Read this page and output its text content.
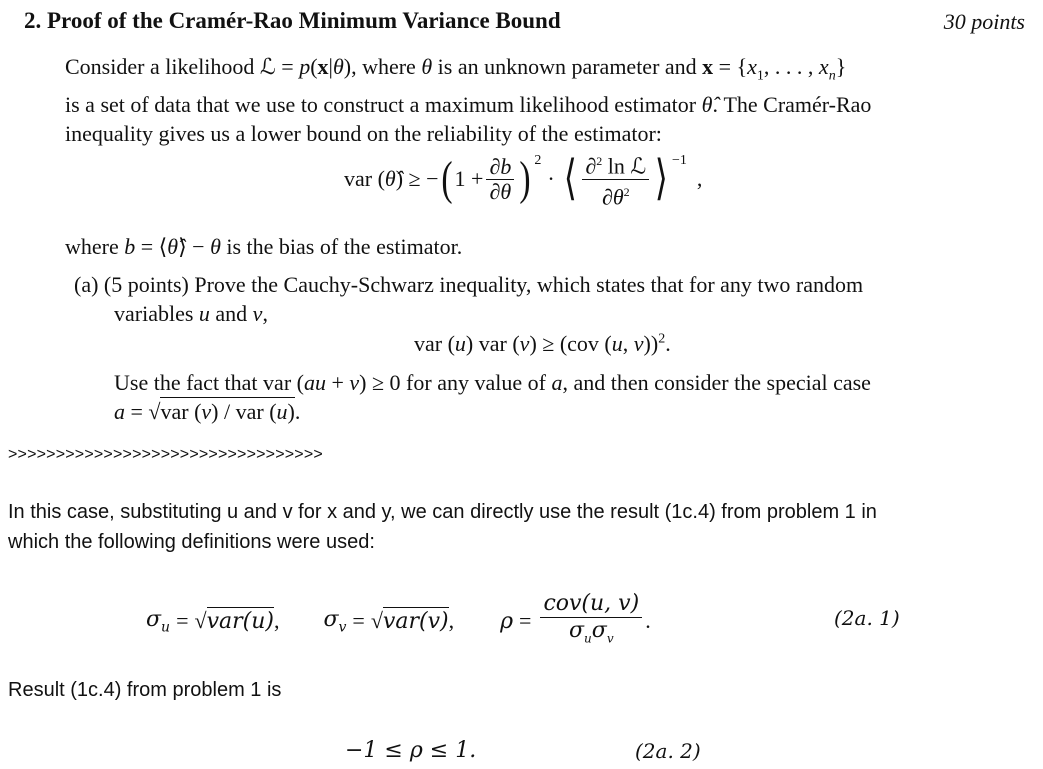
2. Proof of the Cramér-Rao Minimum Variance Bound	30 points
Consider a likelihood ℒ = p(x|θ), where θ is an unknown parameter and $x = \{x_1$, . . . , $x_n$}
is a set of data that we use to construct a maximum likelihood estimator θ̂. The Cramér-Rao
inequality gives us a lower bound on the reliability of the estimator:
var (θ̂) ≥ − ( $1 + \frac{\partial b}{\partial\theta}$ ) 2
· ⟨ $\frac{\partial^2 \ln ℒ}{\partial\theta^2}$ ⟩ −1
,
where b = ⟨θ̂⟩ − θ is the bias of the estimator.
(a) (5 points) Prove the Cauchy-Schwarz inequality, which states that for any two random
variables u and v,
var (u) var (v) ≥ (cov (u, v))$^2$.
Use the fact that var (au + v) ≥ 0 for any value of a, and then consider the special case
a = √var (v) / var (u).
>>>>>>>>>>>>>>>>>>>>>>>>>>>>>>>>>
In this case, substituting u and v for x and y, we can directly use the result (1c.4) from problem 1 in
which the following definitions were used:
$\sigma_u = √var(u)$, $\sigma_v = √var(v)$, $\rho = \frac{\text{cov(u, v)}}{\sigma_u\sigma_v}$ .	(2a. 1)
Result (1c.4) from problem 1 is
−1 ≤ ρ ≤ 1.	(2a. 2)
